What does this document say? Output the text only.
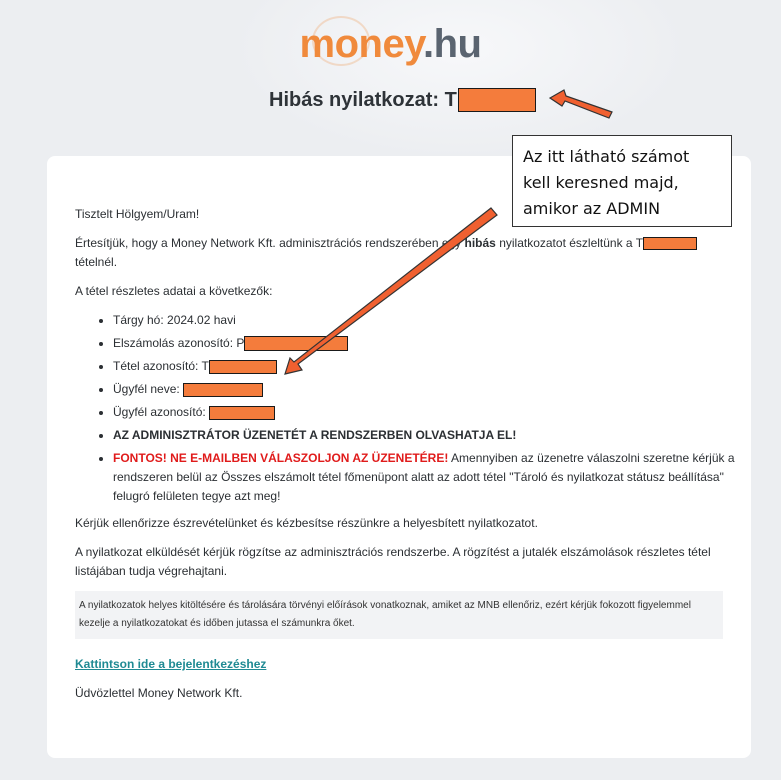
money.hu
Hibás nyilatkozat: T

Tisztelt Hölgyem/Uram!

Értesítjük, hogy a Money Network Kft. adminisztrációs rendszerében egy hibás nyilatkozatot észleltünk a T
tételnél.

A tétel részletes adatai a következők:

• Tárgy hó: 2024.02 havi
• Elszámolás azonosító: P
• Tétel azonosító: T
• Ügyfél neve:
• Ügyfél azonosító:
• AZ ADMINISZTRÁTOR ÜZENETÉT A RENDSZERBEN OLVASHATJA EL!
• FONTOS! NE E-MAILBEN VÁLASZOLJON AZ ÜZENETÉRE! Amennyiben az üzenetre válaszolni szeretne kérjük a rendszeren belül az Összes elszámolt tétel főmenüpont alatt az adott tétel "Tároló és nyilatkozat státusz beállítása" felugró felületen tegye azt meg!

Kérjük ellenőrizze észrevételünket és kézbesítse részünkre a helyesbített nyilatkozatot.

A nyilatkozat elküldését kérjük rögzítse az adminisztrációs rendszerbe. A rögzítést a jutalék elszámolások részletes tétel listájában tudja végrehajtani.

A nyilatkozatok helyes kitöltésére és tárolására törvényi előírások vonatkoznak, amiket az MNB ellenőriz, ezért kérjük fokozott figyelemmel kezelje a nyilatkozatokat és időben jutassa el számunkra őket.

Kattintson ide a bejelentkezéshez

Üdvözlettel Money Network Kft.

Az itt látható számot kell keresned majd, amikor az ADMIN
